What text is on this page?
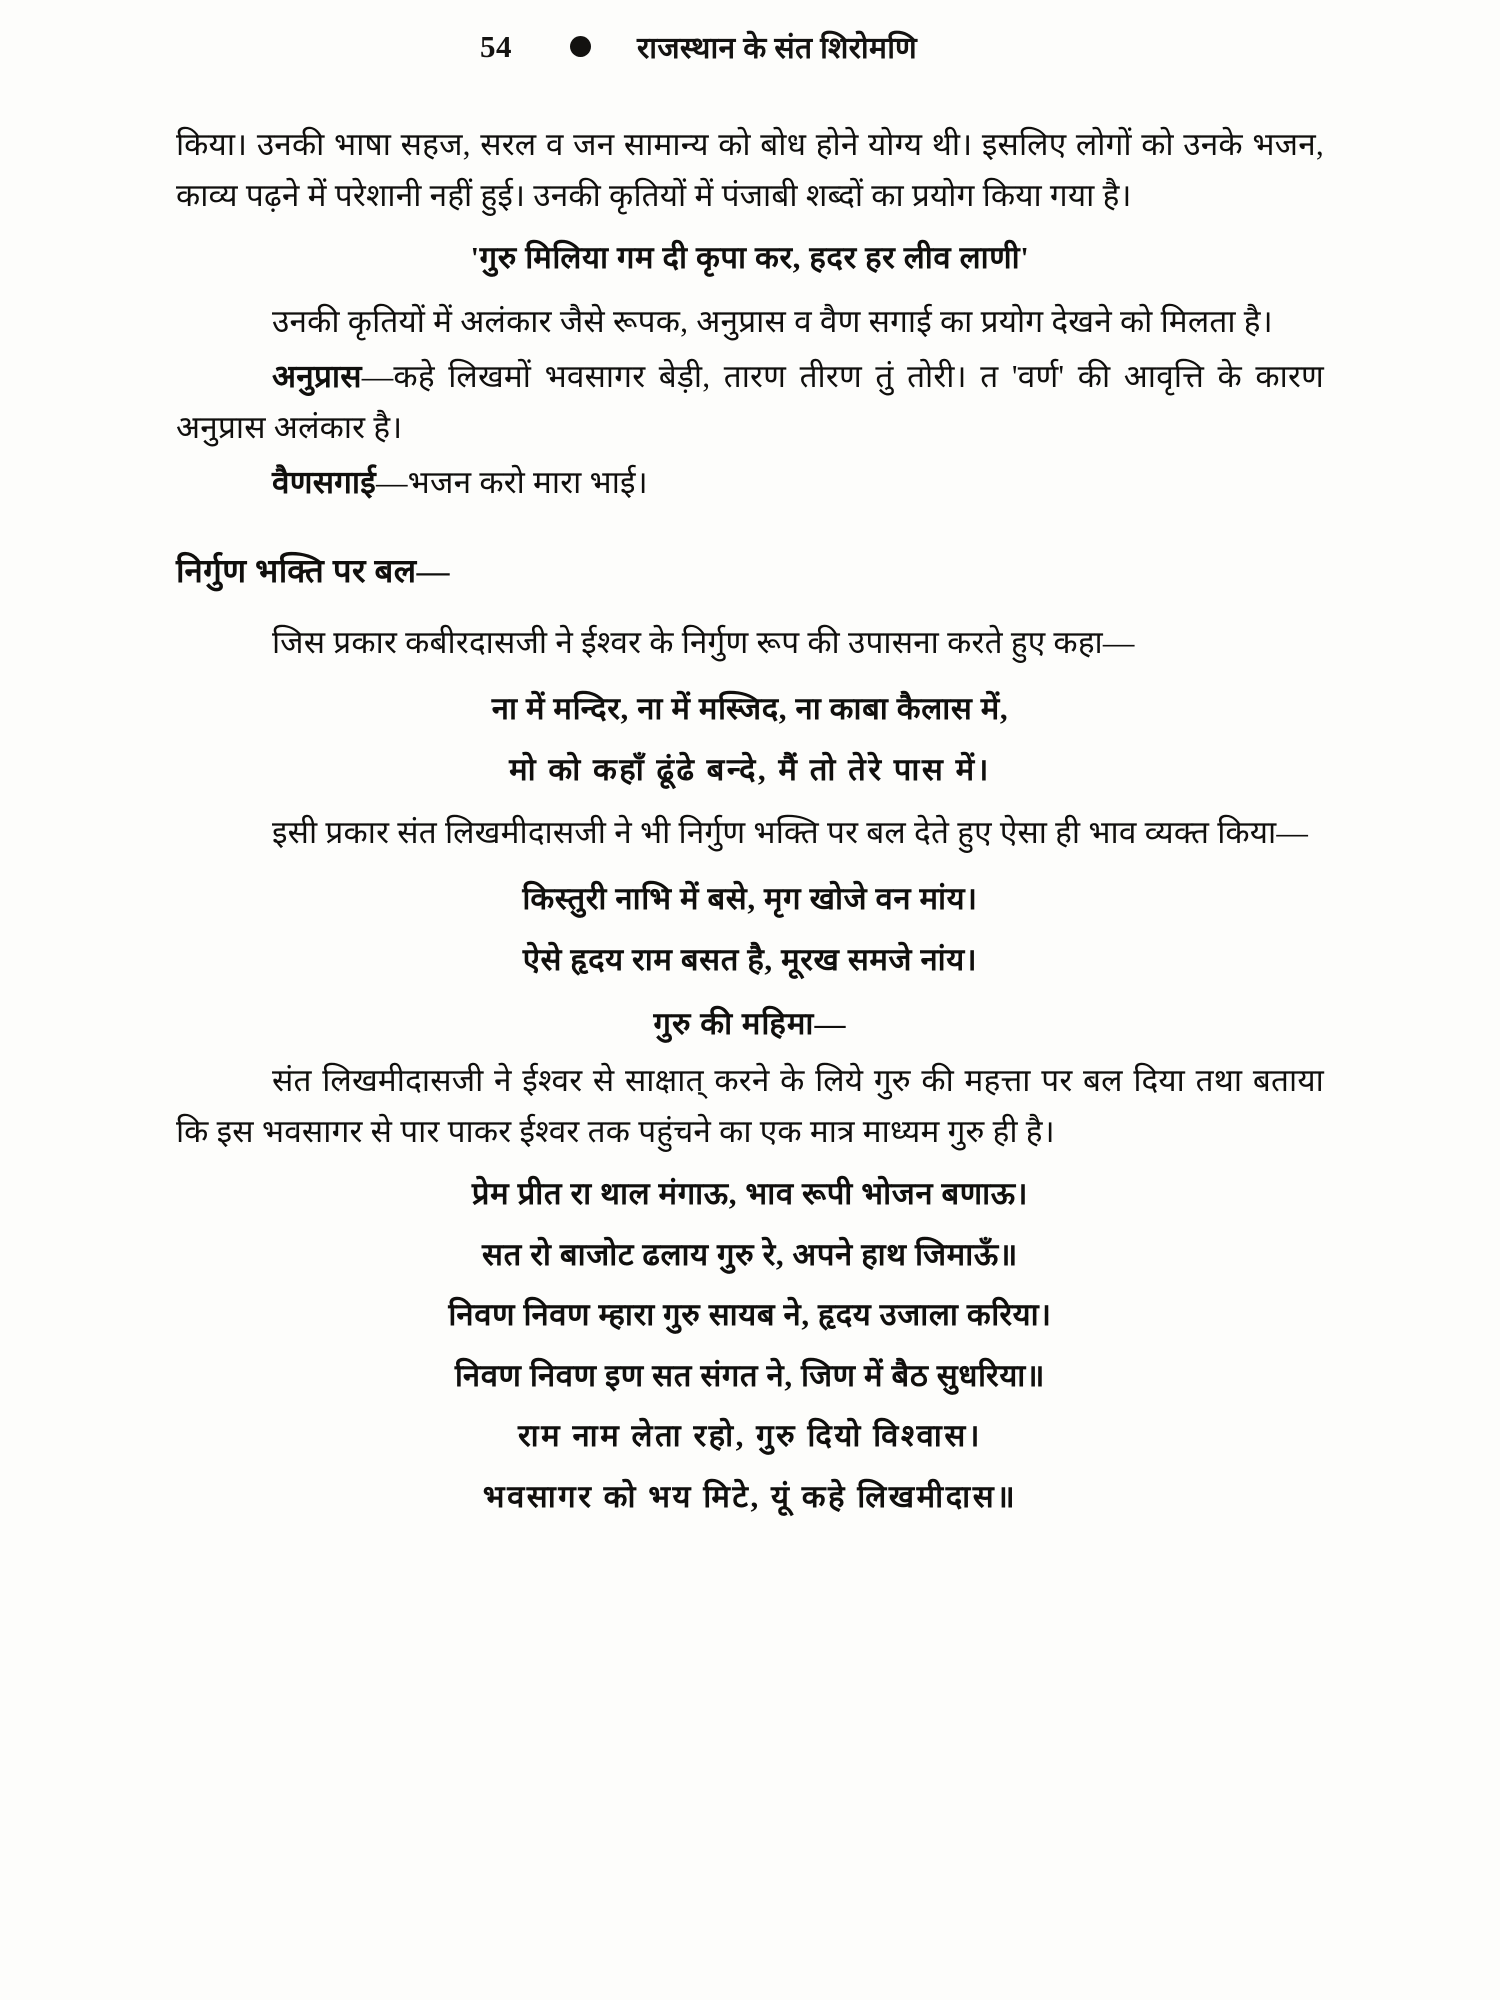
54	राजस्थान के संत शिरोमणि

किया। उनकी भाषा सहज, सरल व जन सामान्य को बोध होने योग्य थी। इसलिए लोगों को उनके भजन, काव्य पढ़ने में परेशानी नहीं हुई। उनकी कृतियों में पंजाबी शब्दों का प्रयोग किया गया है।

'गुरु मिलिया गम दी कृपा कर, हदर हर लीव लाणी'

उनकी कृतियों में अलंकार जैसे रूपक, अनुप्रास व वैण सगाई का प्रयोग देखने को मिलता है।

अनुप्रास—कहे लिखमों भवसागर बेड़ी, तारण तीरण तुं तोरी। त 'वर्ण' की आवृत्ति के कारण अनुप्रास अलंकार है।

वैणसगाई—भजन करो मारा भाई।

निर्गुण भक्ति पर बल—

जिस प्रकार कबीरदासजी ने ईश्वर के निर्गुण रूप की उपासना करते हुए कहा—

ना में मन्दिर, ना में मस्जिद, ना काबा कैलास में,

मो को कहाँ ढूंढे बन्दे, मैं तो तेरे पास में।

इसी प्रकार संत लिखमीदासजी ने भी निर्गुण भक्ति पर बल देते हुए ऐसा ही भाव व्यक्त किया—

किस्तुरी नाभि में बसे, मृग खोजे वन मांय।

ऐसे हृदय राम बसत है, मूरख समजे नांय।

गुरु की महिमा—

संत लिखमीदासजी ने ईश्वर से साक्षात् करने के लिये गुरु की महत्ता पर बल दिया तथा बताया कि इस भवसागर से पार पाकर ईश्वर तक पहुंचने का एक मात्र माध्यम गुरु ही है।

प्रेम प्रीत रा थाल मंगाऊ, भाव रूपी भोजन बणाऊ।

सत रो बाजोट ढलाय गुरु रे, अपने हाथ जिमाऊँ॥

निवण निवण म्हारा गुरु सायब ने, हृदय उजाला करिया।

निवण निवण इण सत संगत ने, जिण में बैठ सुधरिया॥

राम नाम लेता रहो, गुरु दियो विश्वास।

भवसागर को भय मिटे, यूं कहे लिखमीदास॥
